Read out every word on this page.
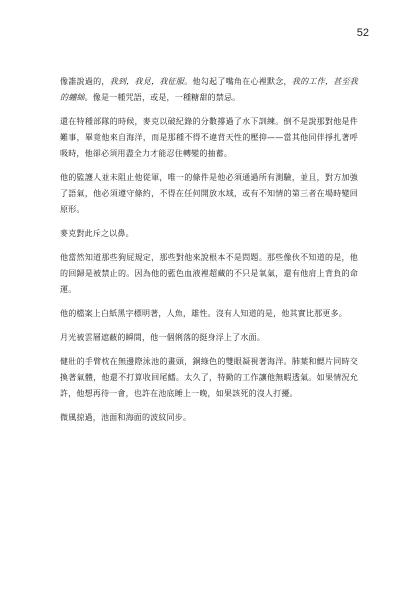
52

像誰說過的，我到，我見，我征服。他勾起了嘴角在心裡默念，我的工作，甚至我的纏綿。像是一種咒語，或是，一種糖甜的禁忌。

還在特種部隊的時候，麥克以破紀錄的分數撐過了水下訓練。倒不是說那對他是件難事，畢竟他來自海洋，而是那種不得不違背天性的壓抑——當其他同伴掙扎著呼吸時，他卻必須用盡全力才能忍住轉變的抽蓄。

他的監護人並未阻止他從軍，唯一的條件是他必須通過所有測驗，並且，對方加強了語氣，他必須遵守條約，不得在任何開放水域，或有不知情的第三者在場時變回原形。

麥克對此斥之以鼻。

他當然知道那些狗屁規定，那些對他來說根本不是問題。那些像伙不知道的是，他的回歸是被禁止的。因為他的藍色血液裡超藏的不只是氧氣，還有他肩上背負的命運。

他的檔案上白紙黑字標明著，人魚，雄性。沒有人知道的是，他其實比那更多。

月光被雲層遮蔽的瞬間，他一個俐落的挺身浮上了水面。

健壯的手臂枕在無邊際泳池的畫頭，銅綠色的雙眼凝視著海洋。肺葉和鰓片同時交換著氣體，他還不打算收回尾鰭。太久了，特勤的工作讓他無暇透氣。如果情況允許，他想再待一會，也許在池底睡上一晚，如果該死的沒人打擾。

微風掠過，池面和海面的波紋同步。
